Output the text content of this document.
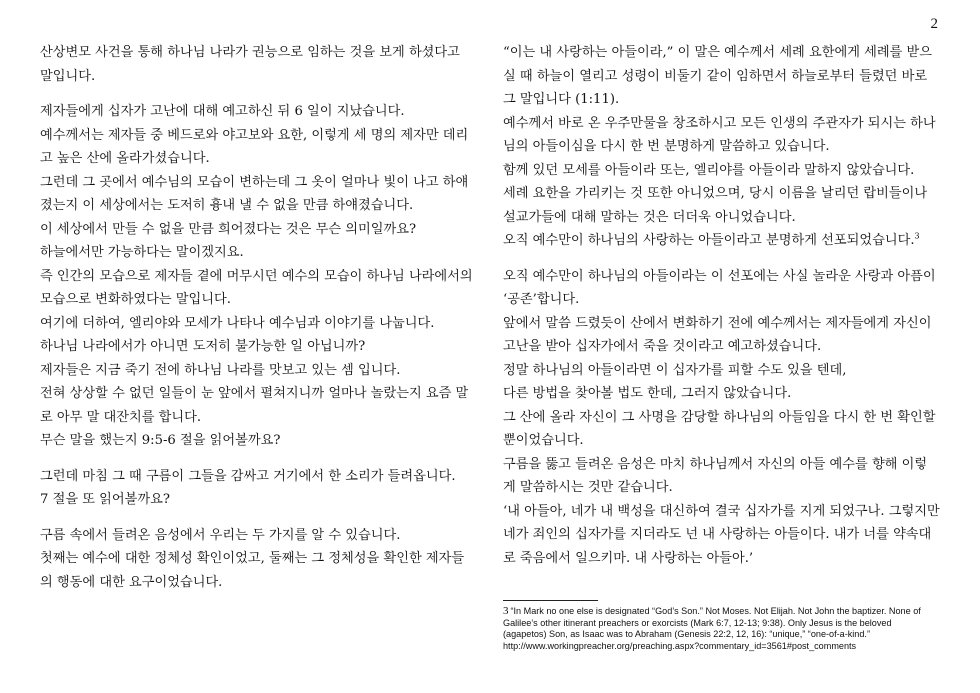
2
산상변모 사건을 통해 하나님 나라가 권능으로 임하는 것을 보게 하셨다고
말입니다.
제자들에게 십자가 고난에 대해 예고하신 뒤 6 일이 지났습니다.
예수께서는 제자들 중 베드로와 야고보와 요한, 이렇게 세 명의 제자만 데리
고 높은 산에 올라가셨습니다.
그런데 그 곳에서 예수님의 모습이 변하는데 그 옷이 얼마나 빛이 나고 하얘
졌는지 이 세상에서는 도저히 흉내 낼 수 없을 만큼 하얘졌습니다.
이 세상에서 만들 수 없을 만큼 희어졌다는 것은 무슨 의미일까요?
하늘에서만 가능하다는 말이겠지요.
즉 인간의 모습으로 제자들 곁에 머무시던 예수의 모습이 하나님 나라에서의
모습으로 변화하였다는 말입니다.
여기에 더하여, 엘리야와 모세가 나타나 예수님과 이야기를 나눕니다.
하나님 나라에서가 아니면 도저히 불가능한 일 아닙니까?
제자들은 지금 죽기 전에 하나님 나라를 맛보고 있는 셈 입니다.
전혀 상상할 수 없던 일들이 눈 앞에서 펼쳐지니까 얼마나 놀랐는지 요즘 말
로 아무 말 대잔치를 합니다.
무슨 말을 했는지 9:5-6 절을 읽어볼까요?
그런데 마침 그 때 구름이 그들을 감싸고 거기에서 한 소리가 들려옵니다.
7 절을 또 읽어볼까요?
구름 속에서 들려온 음성에서 우리는 두 가지를 알 수 있습니다.
첫째는 예수에 대한 정체성 확인이었고, 둘째는 그 정체성을 확인한 제자들
의 행동에 대한 요구이었습니다.
“이는 내 사랑하는 아들이라,” 이 말은 예수께서 세례 요한에게 세례를 받으
실 때 하늘이 열리고 성령이 비둘기 같이 임하면서 하늘로부터 들렸던 바로
그 말입니다 (1:11).
예수께서 바로 온 우주만물을 창조하시고 모든 인생의 주관자가 되시는 하나
님의 아들이심을 다시 한 번 분명하게 말씀하고 있습니다.
함께 있던 모세를 아들이라 또는, 엘리야를 아들이라 말하지 않았습니다.
세례 요한을 가리키는 것 또한 아니었으며, 당시 이름을 날리던 랍비들이나
설교가들에 대해 말하는 것은 더더욱 아니었습니다.
오직 예수만이 하나님의 사랑하는 아들이라고 분명하게 선포되었습니다.$^3$
오직 예수만이 하나님의 아들이라는 이 선포에는 사실 놀라운 사랑과 아픔이
‘공존’합니다.
앞에서 말씀 드렸듯이 산에서 변화하기 전에 예수께서는 제자들에게 자신이
고난을 받아 십자가에서 죽을 것이라고 예고하셨습니다.
정말 하나님의 아들이라면 이 십자가를 피할 수도 있을 텐데,
다른 방법을 찾아볼 법도 한데, 그러지 않았습니다.
그 산에 올라 자신이 그 사명을 감당할 하나님의 아들임을 다시 한 번 확인할
뿐이었습니다.
구름을 뚫고 들려온 음성은 마치 하나님께서 자신의 아들 예수를 향해 이렇
게 말씀하시는 것만 같습니다.
‘내 아들아, 네가 내 백성을 대신하여 결국 십자가를 지게 되었구나. 그렇지만
네가 죄인의 십자가를 지더라도 넌 내 사랑하는 아들이다. 내가 너를 약속대
로 죽음에서 일으키마. 내 사랑하는 아들아.’
3 “In Mark no one else is designated “God’s Son.” Not Moses. Not Elijah. Not John the baptizer. None of
Galilee’s other itinerant preachers or exorcists (Mark 6:7, 12-13; 9:38). Only Jesus is the beloved
(agapetos) Son, as Isaac was to Abraham (Genesis 22:2, 12, 16): “unique,” “one-of-a-kind.”
http://www.workingpreacher.org/preaching.aspx?commentary_id=3561#post_comments
